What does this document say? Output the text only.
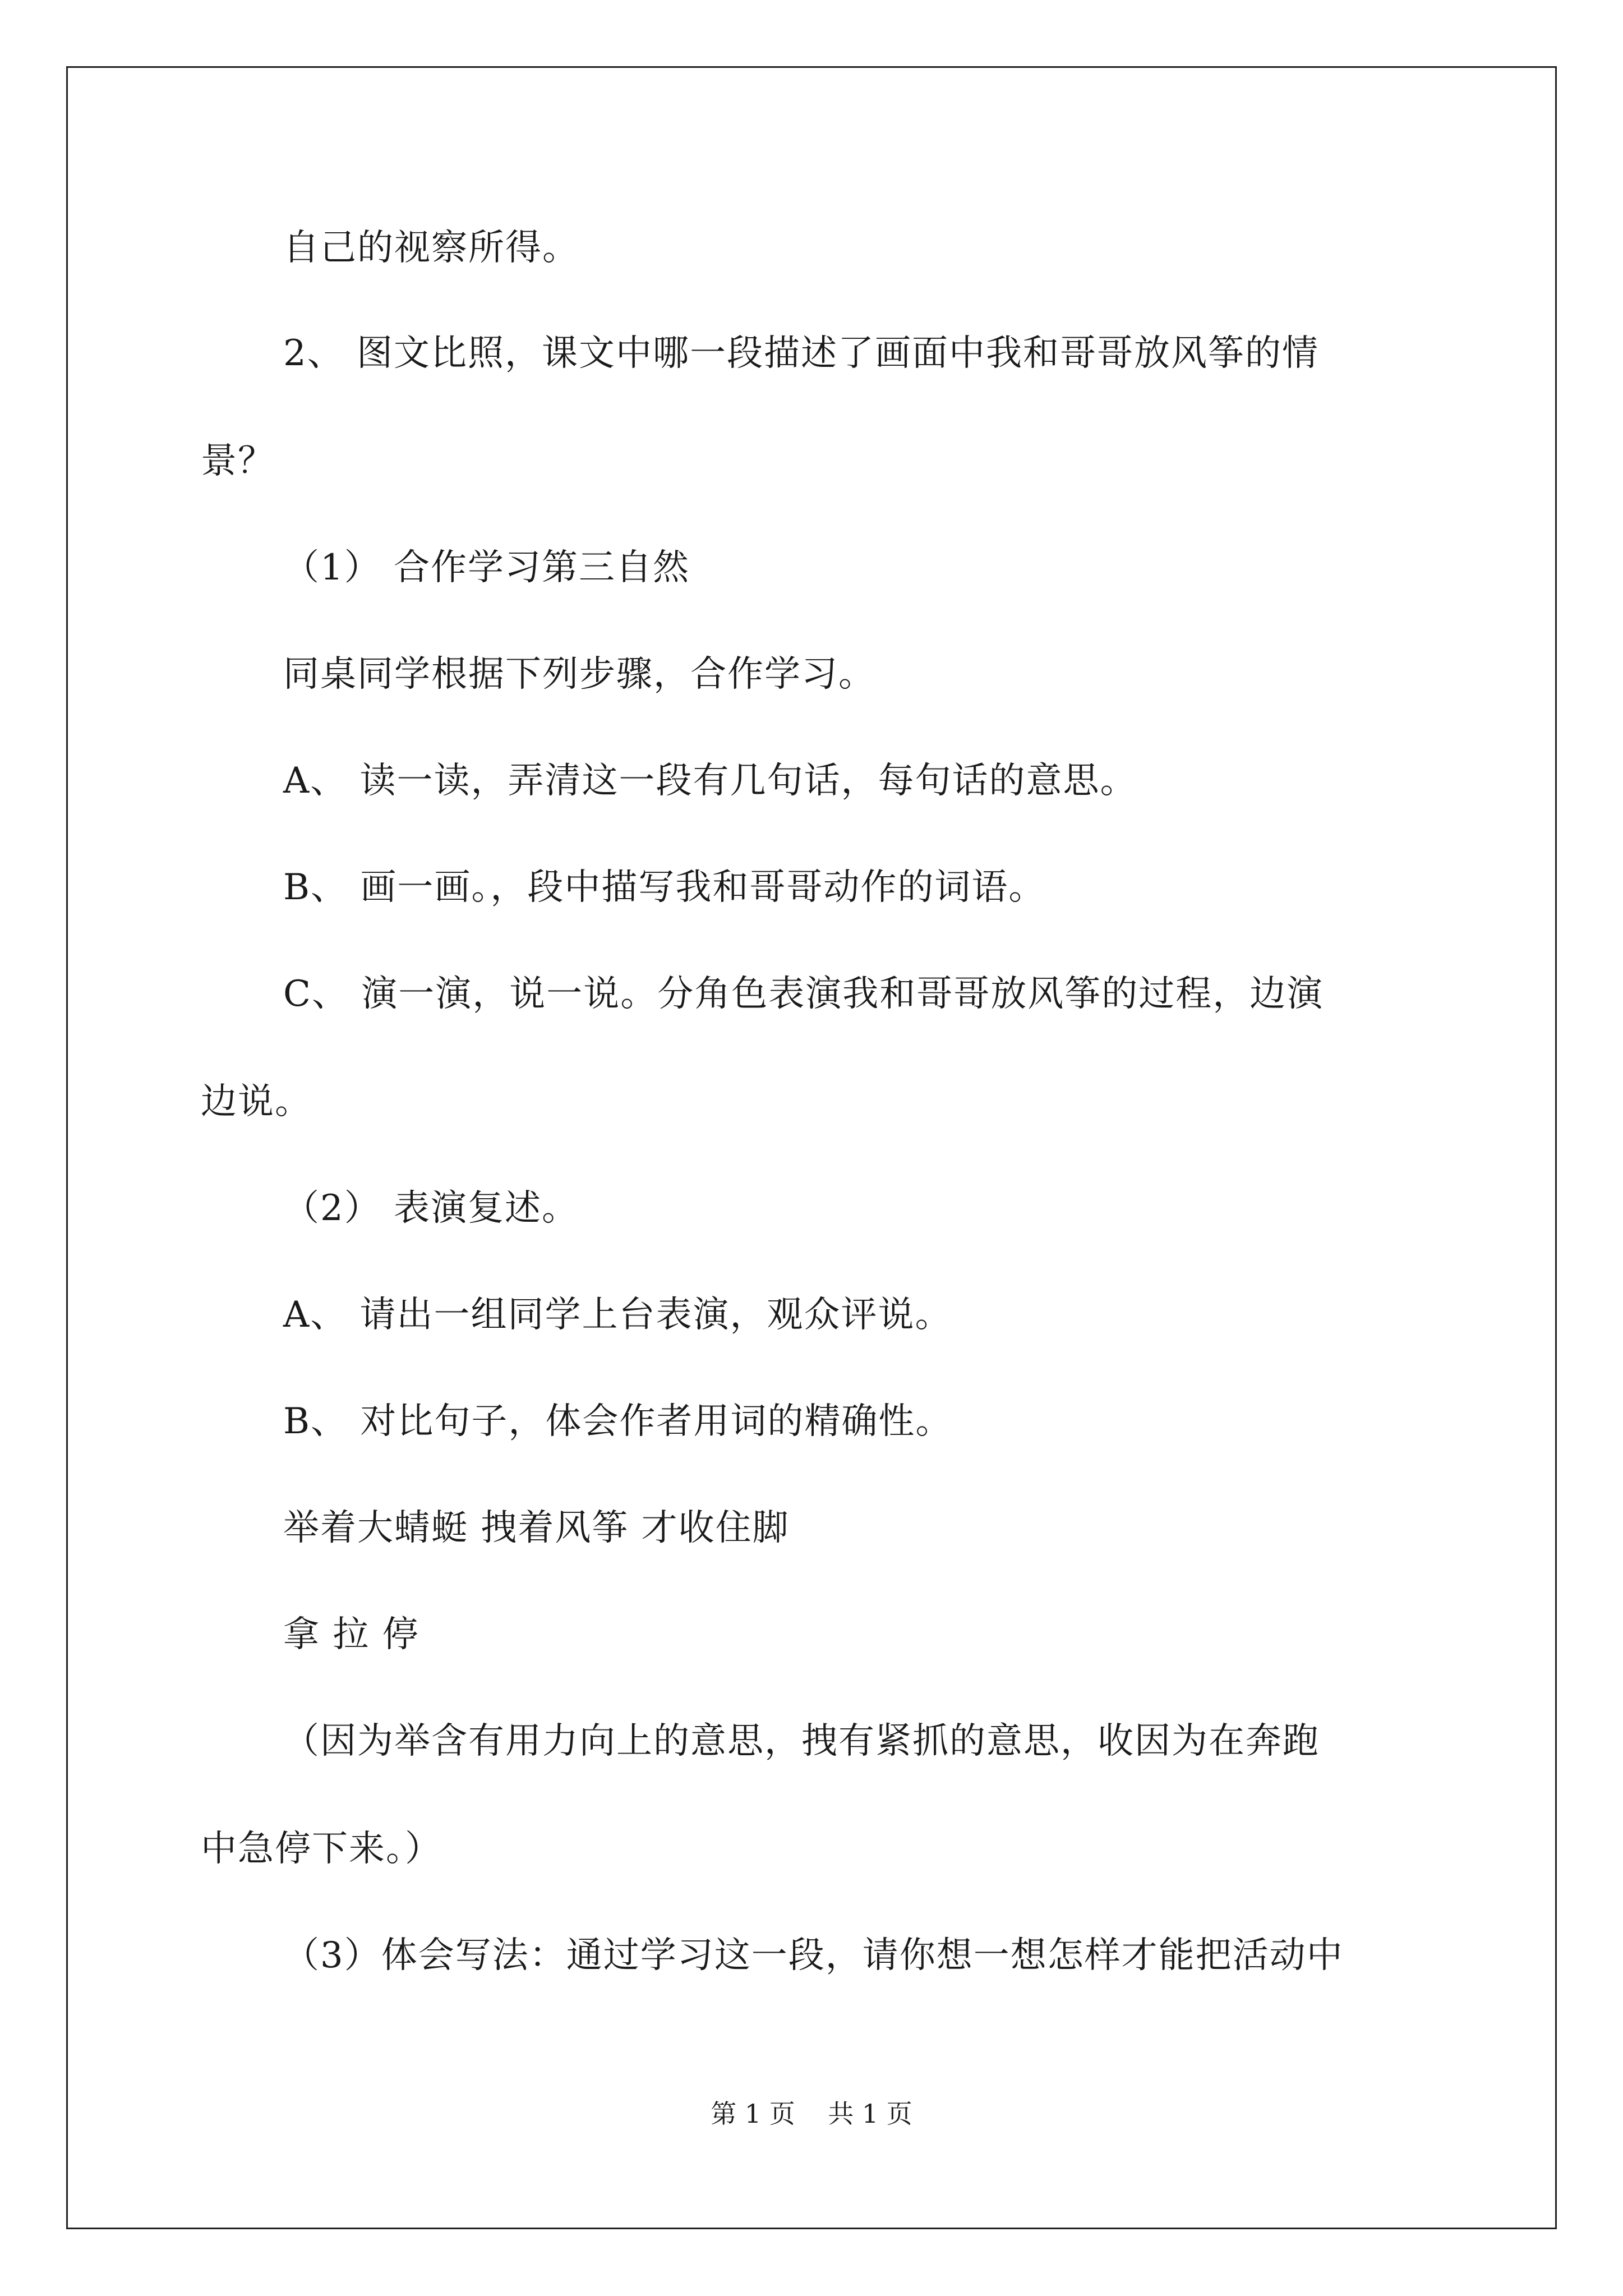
自己的视察所得。

2、 图文比照，课文中哪一段描述了画面中我和哥哥放风筝的情

景？

（1） 合作学习第三自然

同桌同学根据下列步骤，合作学习。

A、 读一读，弄清这一段有几句话，每句话的意思。

B、 画一画。，段中描写我和哥哥动作的词语。

C、 演一演，说一说。分角色表演我和哥哥放风筝的过程，边演

边说。

（2） 表演复述。

A、 请出一组同学上台表演，观众评说。

B、 对比句子，体会作者用词的精确性。

举着大蜻蜓 拽着风筝 才收住脚

拿 拉 停

（因为举含有用力向上的意思，拽有紧抓的意思，收因为在奔跑

中急停下来。）

（3）体会写法：通过学习这一段，请你想一想怎样才能把活动中

第 1 页    共 1 页
